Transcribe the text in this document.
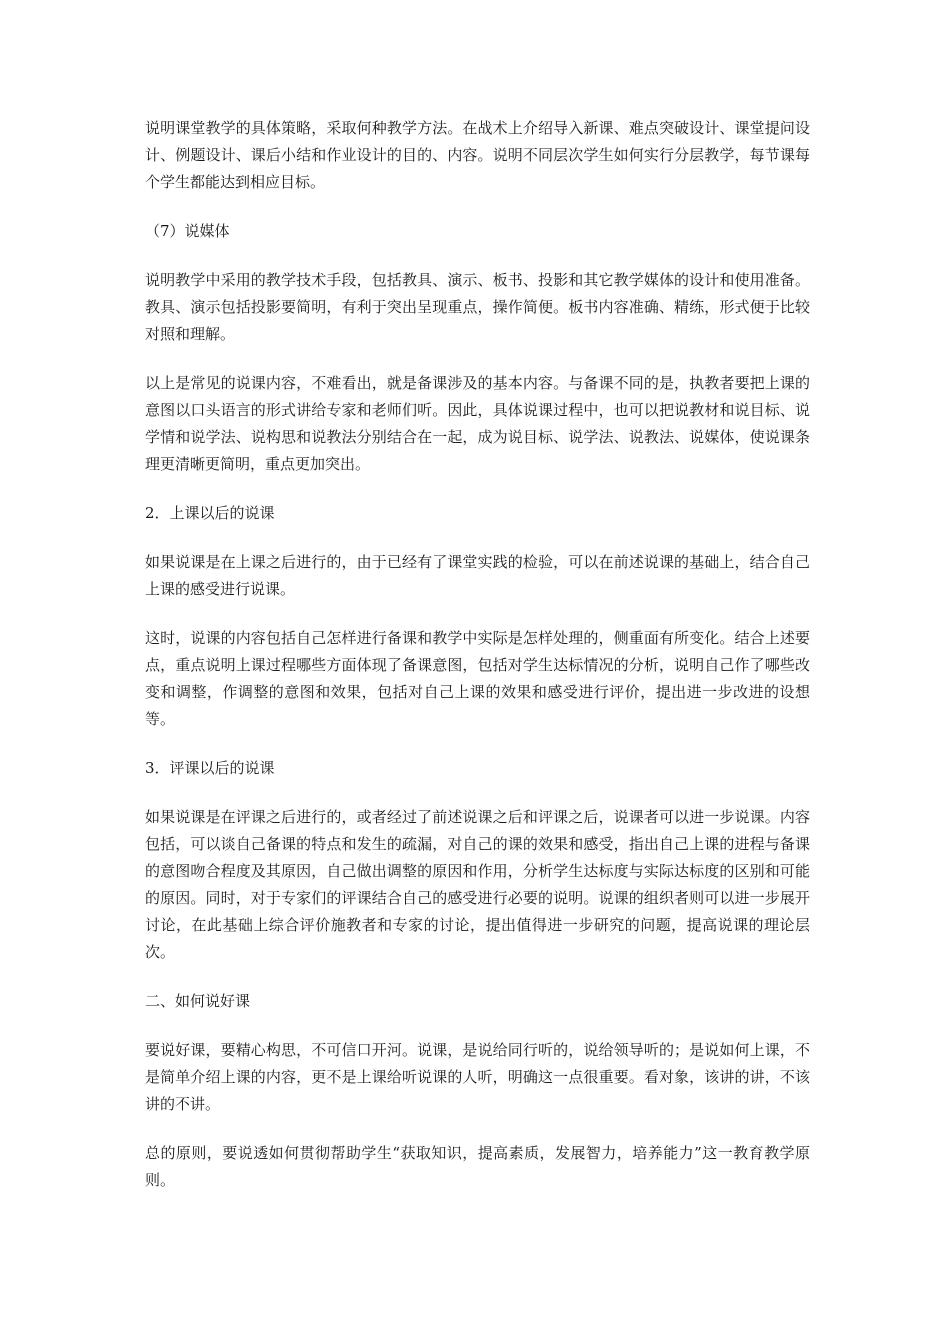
说明课堂教学的具体策略，采取何种教学方法。在战术上介绍导入新课、难点突破设计、课堂提问设计、例题设计、课后小结和作业设计的目的、内容。说明不同层次学生如何实行分层教学，每节课每个学生都能达到相应目标。

（7）说媒体

说明教学中采用的教学技术手段，包括教具、演示、板书、投影和其它教学媒体的设计和使用准备。教具、演示包括投影要简明，有利于突出呈现重点，操作简便。板书内容准确、精练，形式便于比较对照和理解。

以上是常见的说课内容，不难看出，就是备课涉及的基本内容。与备课不同的是，执教者要把上课的意图以口头语言的形式讲给专家和老师们听。因此，具体说课过程中，也可以把说教材和说目标、说学情和说学法、说构思和说教法分别结合在一起，成为说目标、说学法、说教法、说媒体，使说课条理更清晰更简明，重点更加突出。

2．上课以后的说课

如果说课是在上课之后进行的，由于已经有了课堂实践的检验，可以在前述说课的基础上，结合自己上课的感受进行说课。

这时，说课的内容包括自己怎样进行备课和教学中实际是怎样处理的，侧重面有所变化。结合上述要点，重点说明上课过程哪些方面体现了备课意图，包括对学生达标情况的分析，说明自己作了哪些改变和调整，作调整的意图和效果，包括对自己上课的效果和感受进行评价，提出进一步改进的设想等。

3．评课以后的说课

如果说课是在评课之后进行的，或者经过了前述说课之后和评课之后，说课者可以进一步说课。内容包括，可以谈自己备课的特点和发生的疏漏，对自己的课的效果和感受，指出自己上课的进程与备课的意图吻合程度及其原因，自己做出调整的原因和作用，分析学生达标度与实际达标度的区别和可能的原因。同时，对于专家们的评课结合自己的感受进行必要的说明。说课的组织者则可以进一步展开讨论，在此基础上综合评价施教者和专家的讨论，提出值得进一步研究的问题，提高说课的理论层次。

二、如何说好课

要说好课，要精心构思，不可信口开河。说课，是说给同行听的，说给领导听的；是说如何上课，不是简单介绍上课的内容，更不是上课给听说课的人听，明确这一点很重要。看对象，该讲的讲，不该讲的不讲。

总的原则，要说透如何贯彻帮助学生“获取知识，提高素质，发展智力，培养能力”这一教育教学原则。
